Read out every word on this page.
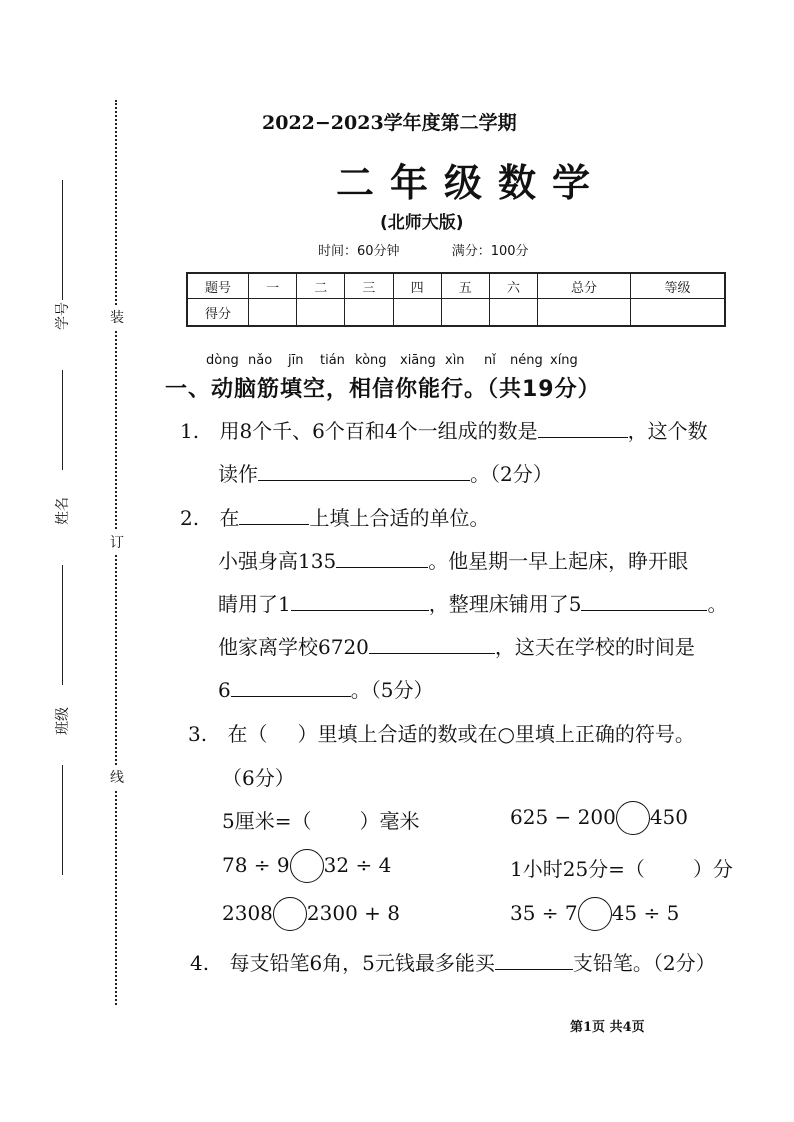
装
订
线
学号
姓名
班级
2022−2023学年度第二学期
二年级数学
(北师大版)
时间：60分钟	满分：100分
题号	一	二	三	四	五	六	总分	等级
得分								
dòng nǎo jīn tián kòng xiāng xìn nǐ néng xíng
一、动脑筋填空，相信你能行。（共19分）
1. 用8个千、6个百和4个一组成的数是	，这个数
读作	。（2分）
2. 在	上填上合适的单位。
小强身高135	。他星期一早上起床，睁开眼
睛用了1	，整理床铺用了5	。
他家离学校6720	，这天在学校的时间是
6	。（5分）
3. 在（ ）里填上合适的数或在○里填上正确的符号。
（6分）
5厘米=（ ）毫米	625 − 200 450
78 ÷ 9 32 ÷ 4	1小时25分=（ ）分
2308 2300 + 8	35 ÷ 7 45 ÷ 5
4. 每支铅笔6角，5元钱最多能买	支铅笔。（2分）
第1页 共4页
